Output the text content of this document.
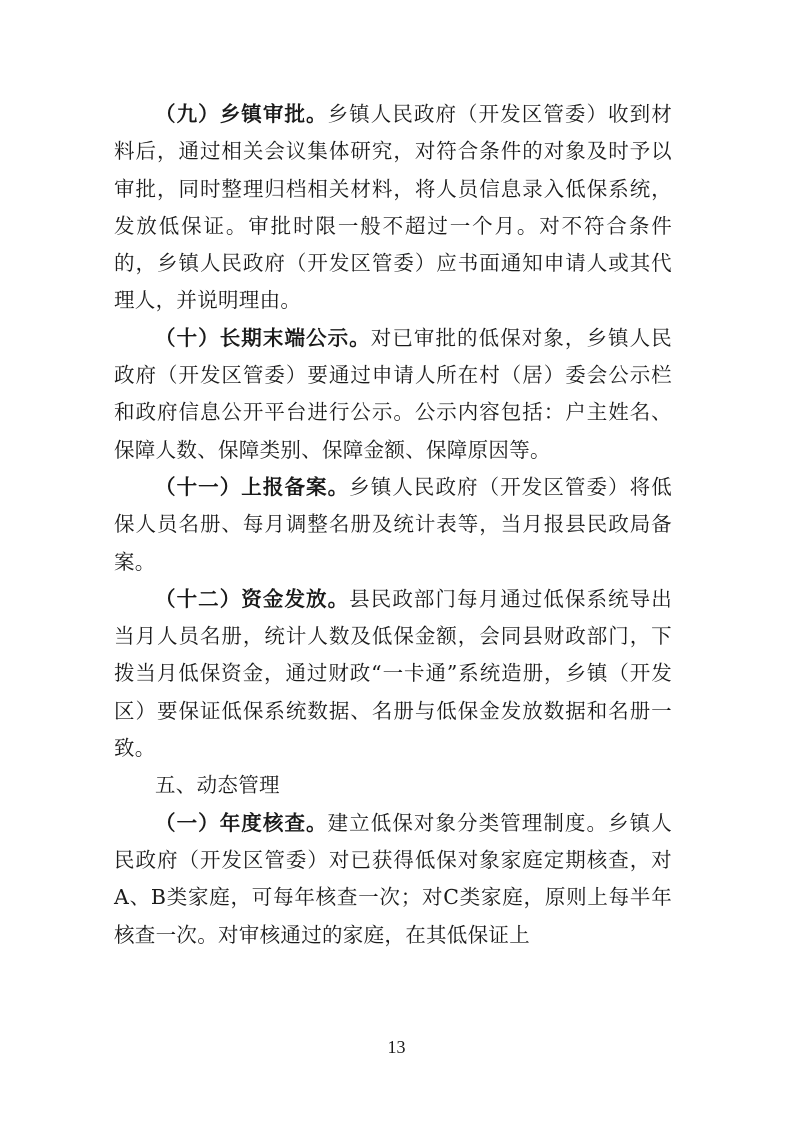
（九）乡镇审批。乡镇人民政府（开发区管委）收到材料后，通过相关会议集体研究，对符合条件的对象及时予以审批，同时整理归档相关材料，将人员信息录入低保系统，发放低保证。审批时限一般不超过一个月。对不符合条件的，乡镇人民政府（开发区管委）应书面通知申请人或其代理人，并说明理由。

（十）长期末端公示。对已审批的低保对象，乡镇人民政府（开发区管委）要通过申请人所在村（居）委会公示栏和政府信息公开平台进行公示。公示内容包括：户主姓名、保障人数、保障类别、保障金额、保障原因等。

（十一）上报备案。乡镇人民政府（开发区管委）将低保人员名册、每月调整名册及统计表等，当月报县民政局备案。

（十二）资金发放。县民政部门每月通过低保系统导出当月人员名册，统计人数及低保金额，会同县财政部门，下拨当月低保资金，通过财政“一卡通”系统造册，乡镇（开发区）要保证低保系统数据、名册与低保金发放数据和名册一致。

五、动态管理

（一）年度核查。建立低保对象分类管理制度。乡镇人民政府（开发区管委）对已获得低保对象家庭定期核查，对A、B类家庭，可每年核查一次；对C类家庭，原则上每半年核查一次。对审核通过的家庭，在其低保证上

13
